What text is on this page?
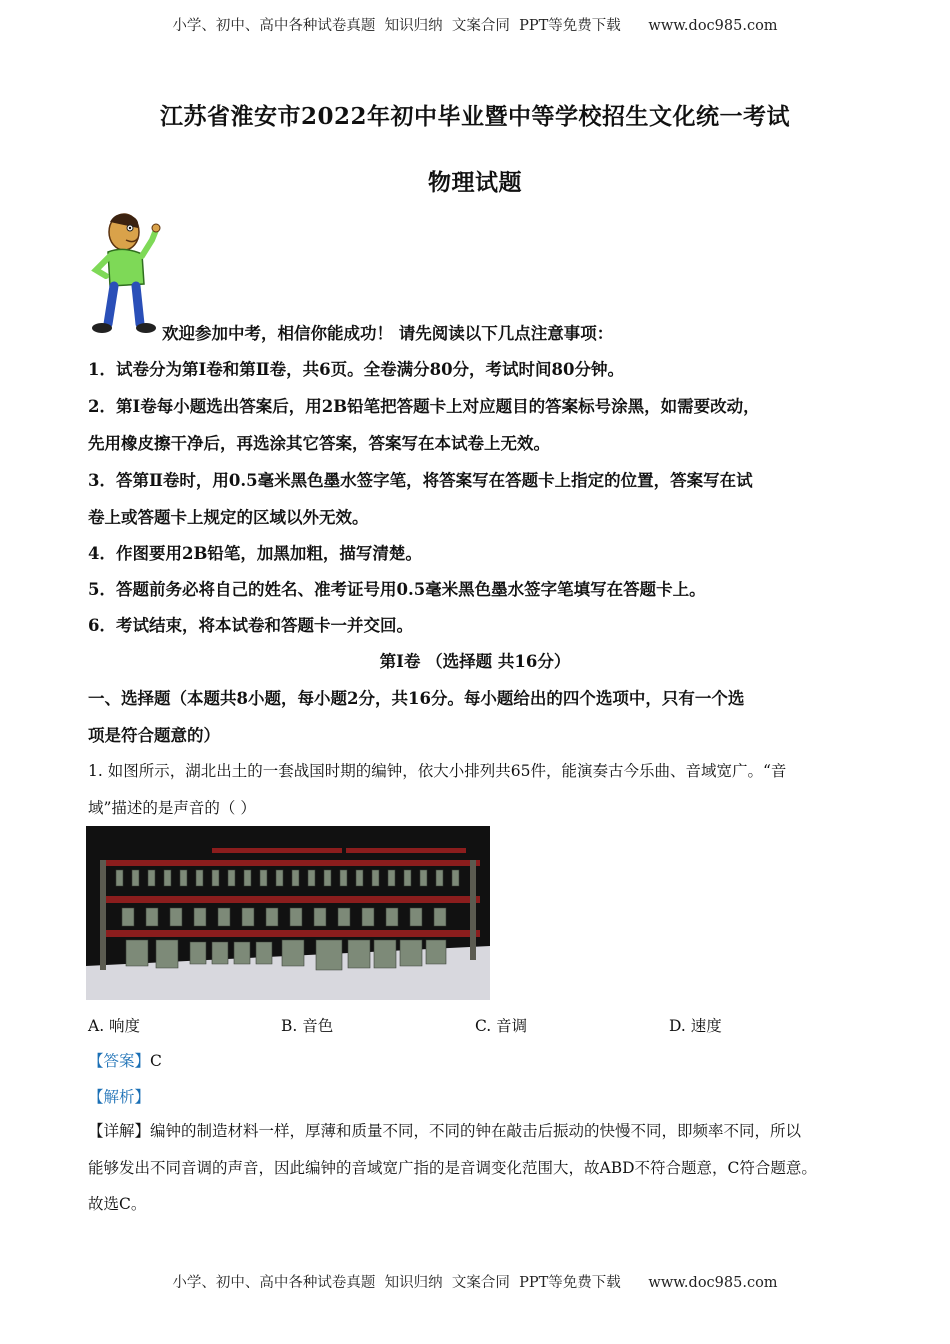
小学、初中、高中各种试卷真题  知识归纳  文案合同  PPT等免费下载      www.doc985.com
江苏省淮安市2022年初中毕业暨中等学校招生文化统一考试
物理试题
欢迎参加中考，相信你能成功！ 请先阅读以下几点注意事项：
1．试卷分为第Ⅰ卷和第Ⅱ卷，共6页。全卷满分80分，考试时间80分钟。
2．第Ⅰ卷每小题选出答案后，用2B铅笔把答题卡上对应题目的答案标号涂黑，如需要改动，
先用橡皮擦干净后，再选涂其它答案，答案写在本试卷上无效。
3．答第Ⅱ卷时，用0.5毫米黑色墨水签字笔，将答案写在答题卡上指定的位置，答案写在试
卷上或答题卡上规定的区域以外无效。
4．作图要用2B铅笔，加黑加粗，描写清楚。
5．答题前务必将自己的姓名、准考证号用0.5毫米黑色墨水签字笔填写在答题卡上。
6．考试结束，将本试卷和答题卡一并交回。
第Ⅰ卷 （选择题 共16分）
一、选择题（本题共8小题，每小题2分，共16分。每小题给出的四个选项中，只有一个选
项是符合题意的）
1. 如图所示，湖北出土的一套战国时期的编钟，依大小排列共65件，能演奏古今乐曲、音域宽广。“音
域”描述的是声音的（ ）
A. 响度	B. 音色	C. 音调	D. 速度
【答案】C
【解析】
【详解】编钟的制造材料一样，厚薄和质量不同，不同的钟在敲击后振动的快慢不同，即频率不同，所以
能够发出不同音调的声音，因此编钟的音域宽广指的是音调变化范围大，故ABD不符合题意，C符合题意。
故选C。
小学、初中、高中各种试卷真题  知识归纳  文案合同  PPT等免费下载      www.doc985.com
